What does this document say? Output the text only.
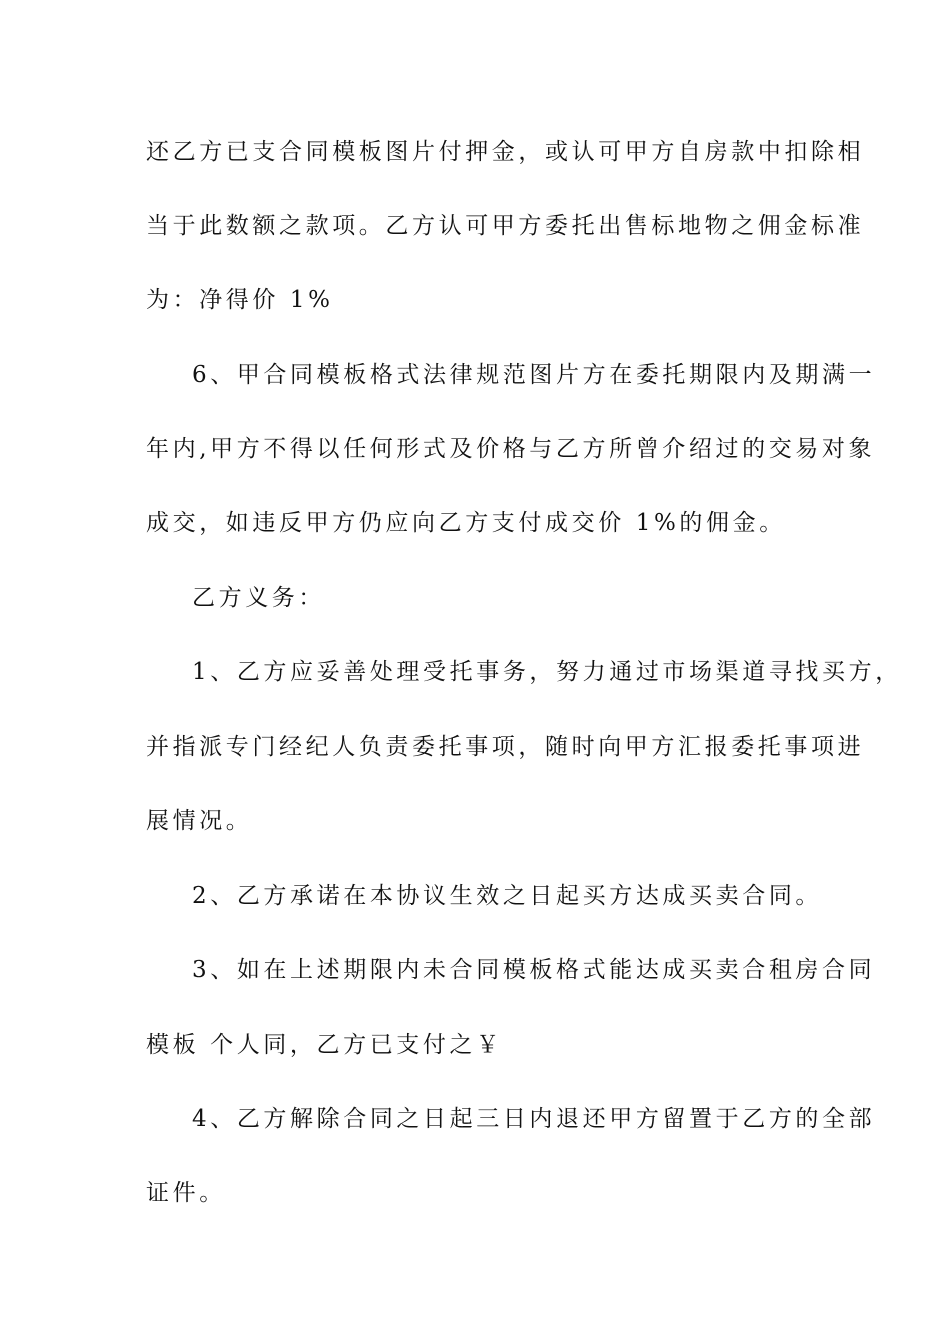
还乙方已支合同模板图片付押金，或认可甲方自房款中扣除相
当于此数额之款项。乙方认可甲方委托出售标地物之佣金标准
为：净得价 1%
6、甲合同模板格式法律规范图片方在委托期限内及期满一
年内,甲方不得以任何形式及价格与乙方所曾介绍过的交易对象
成交，如违反甲方仍应向乙方支付成交价 1%的佣金。
乙方义务：
1、乙方应妥善处理受托事务，努力通过市场渠道寻找买方，
并指派专门经纪人负责委托事项，随时向甲方汇报委托事项进
展情况。
2、乙方承诺在本协议生效之日起买方达成买卖合同。
3、如在上述期限内未合同模板格式能达成买卖合租房合同
模板 个人同，乙方已支付之￥
4、乙方解除合同之日起三日内退还甲方留置于乙方的全部
证件。
